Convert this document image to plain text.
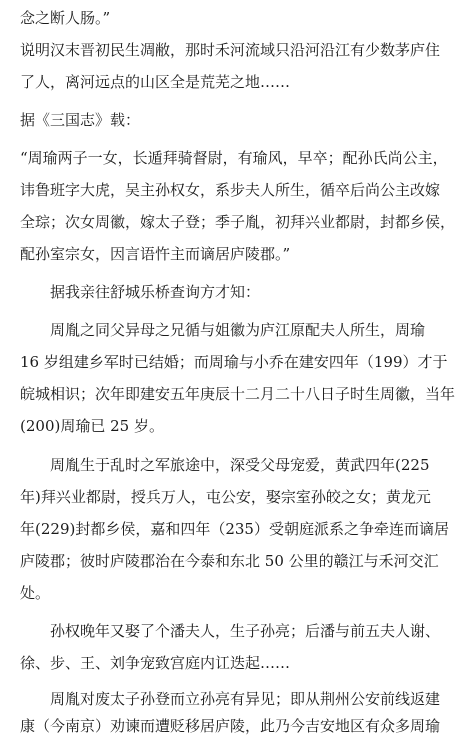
念之断人肠。”
说明汉末晋初民生凋敝，那时禾河流域只沿河沿江有少数茅庐住
了人，离河远点的山区全是荒芜之地……
据《三国志》载：
“周瑜两子一女，长遁拜骑督尉，有瑜风，早卒；配孙氏尚公主，
讳鲁班字大虎，吴主孙权女，系步夫人所生，循卒后尚公主改嫁
全琮；次女周徽，嫁太子登；季子胤，初拜兴业都尉，封都乡侯，
配孙室宗女，因言语忤主而谪居庐陵郡。”
据我亲往舒城乐桥查询方才知：
周胤之同父异母之兄循与姐徽为庐江原配夫人所生，周瑜
16 岁组建乡军时已结婚；而周瑜与小乔在建安四年（199）才于
皖城相识；次年即建安五年庚辰十二月二十八日子时生周徽，当年
(200)周瑜已 25 岁。
周胤生于乱时之军旅途中，深受父母宠爱，黄武四年(225
年)拜兴业都尉，授兵万人，屯公安，娶宗室孙皎之女；黄龙元
年(229)封都乡侯，嘉和四年（235）受朝庭派系之争牵连而谪居
庐陵郡；彼时庐陵郡治在今泰和东北 50 公里的赣江与禾河交汇
处。
孙权晚年又娶了个潘夫人，生子孙亮；后潘与前五夫人谢、
徐、步、王、刘争宠致宫庭内讧迭起……
周胤对废太子孙登而立孙亮有异见；即从荆州公安前线返建
康（今南京）劝谏而遭贬移居庐陵，此乃今吉安地区有众多周瑜
